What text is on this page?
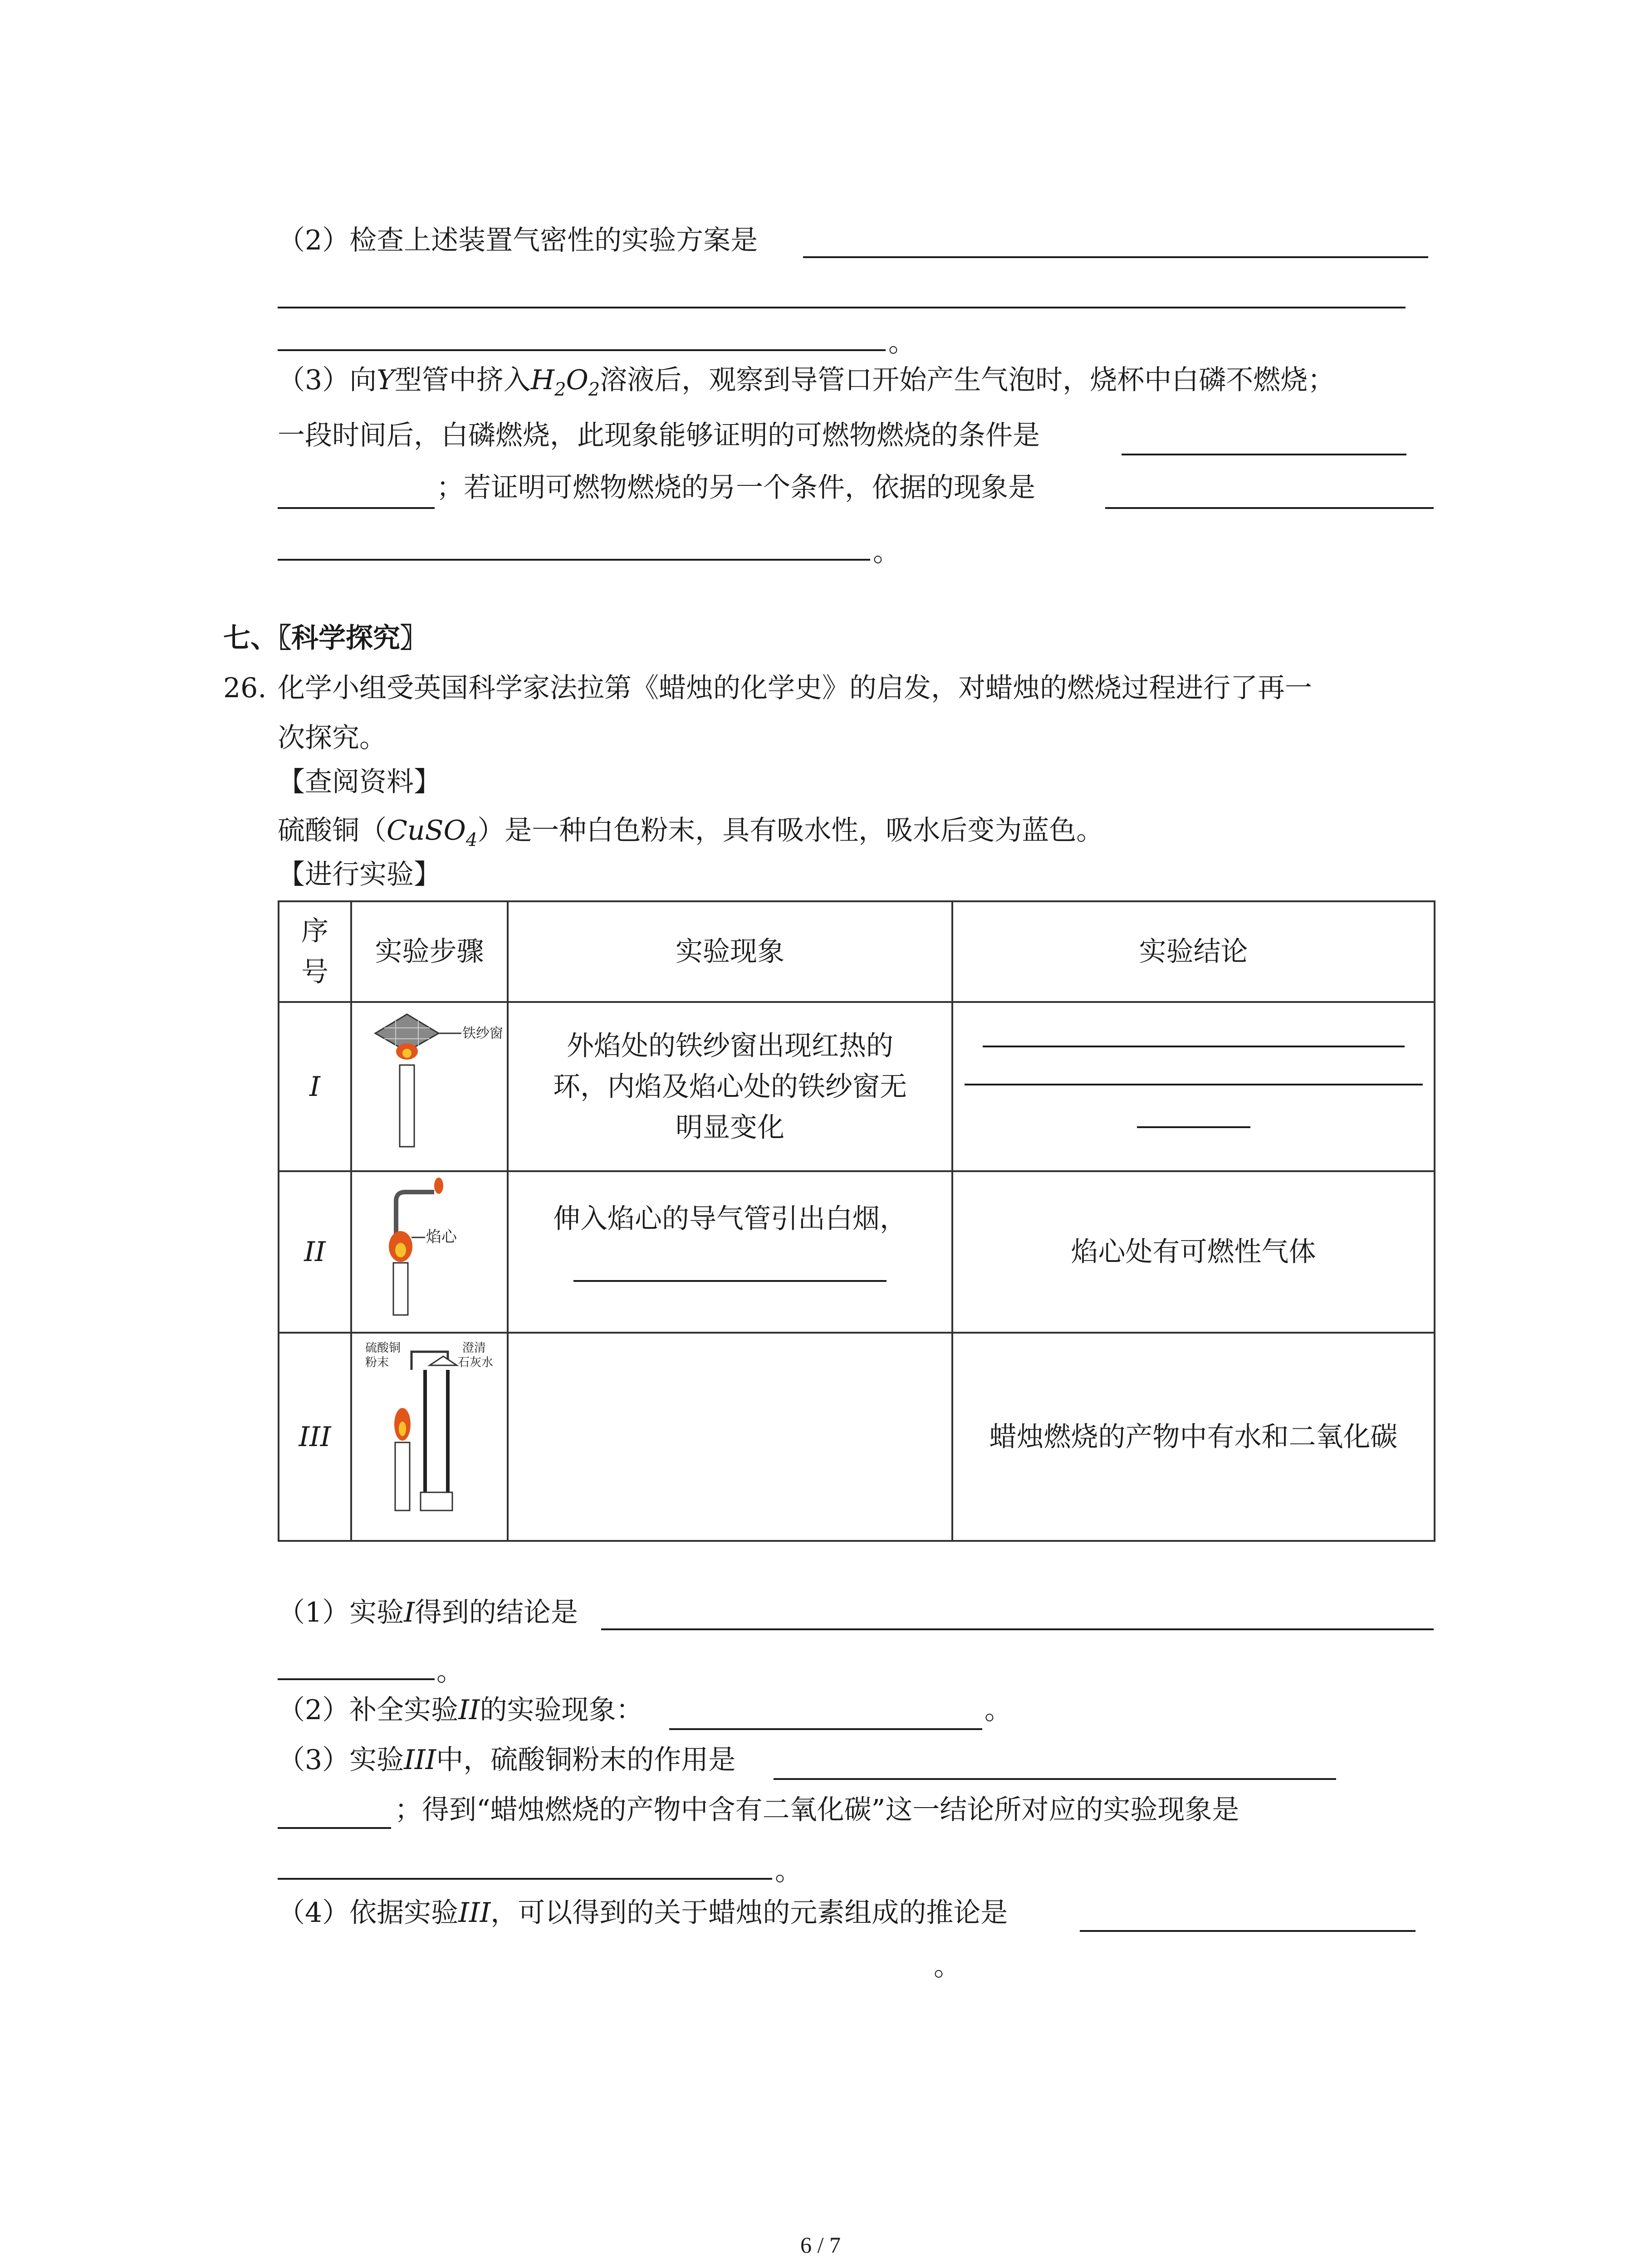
（2）检查上述装置气密性的实验方案是
。
（3）向Y型管中挤入$H_2O_2$溶液后，观察到导管口开始产生气泡时，烧杯中白磷不燃烧；
一段时间后，白磷燃烧，此现象能够证明的可燃物燃烧的条件是
；若证明可燃物燃烧的另一个条件，依据的现象是
。
七、〖科学探究〗
26. 化学小组受英国科学家法拉第《蜡烛的化学史》的启发，对蜡烛的燃烧过程进行了再一
次探究。
【查阅资料】
硫酸铜（CuSO$_4$）是一种白色粉末，具有吸水性，吸水后变为蓝色。
【进行实验】
序
号	实验步骤	实验现象	实验结论
I	铁纱窗	外焰处的铁纱窗出现红热的
环，内焰及焰心处的铁纱窗无
明显变化	

II	焰心	伸入焰心的导气管引出白烟，	焰心处有可燃性气体
III	硫酸铜
粉末
澄清
石灰水		蜡烛燃烧的产物中有水和二氧化碳
（1）实验I得到的结论是
。
（2）补全实验II的实验现象：	。
（3）实验III中，硫酸铜粉末的作用是
；得到“蜡烛燃烧的产物中含有二氧化碳”这一结论所对应的实验现象是
。
（4）依据实验III，可以得到的关于蜡烛的元素组成的推论是
。
6 / 7
